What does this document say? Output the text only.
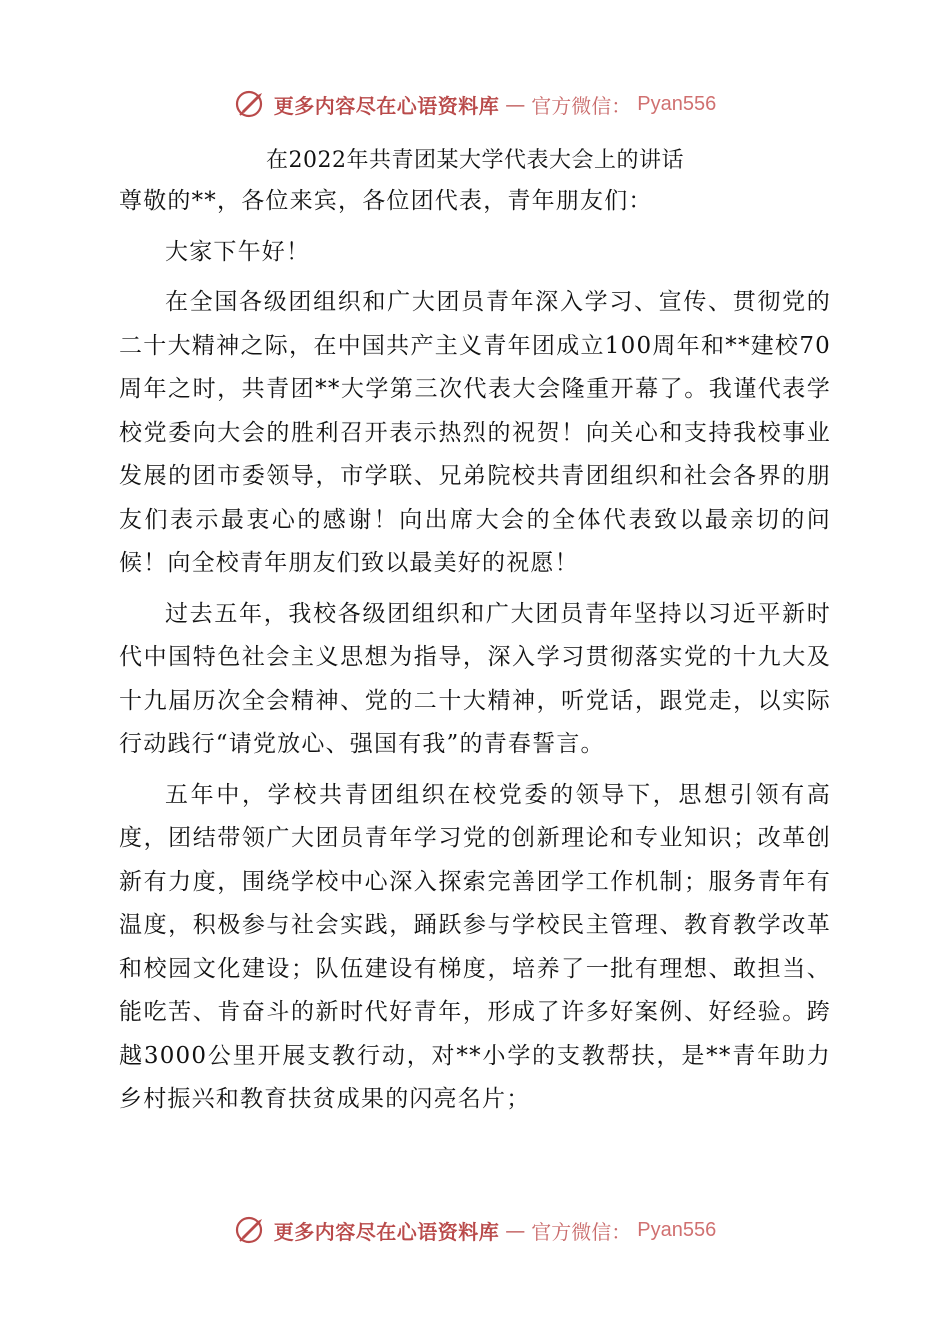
更多内容尽在心语资料库 — 官方微信： Pyan556
在2022年共青团某大学代表大会上的讲话

尊敬的**，各位来宾，各位团代表，青年朋友们：

大家下午好！

在全国各级团组织和广大团员青年深入学习、宣传、贯彻党的二十大精神之际，在中国共产主义青年团成立100周年和**建校70周年之时，共青团**大学第三次代表大会隆重开幕了。我谨代表学校党委向大会的胜利召开表示热烈的祝贺！向关心和支持我校事业发展的团市委领导，市学联、兄弟院校共青团组织和社会各界的朋友们表示最衷心的感谢！向出席大会的全体代表致以最亲切的问候！向全校青年朋友们致以最美好的祝愿！

过去五年，我校各级团组织和广大团员青年坚持以习近平新时代中国特色社会主义思想为指导，深入学习贯彻落实党的十九大及十九届历次全会精神、党的二十大精神，听党话，跟党走，以实际行动践行“请党放心、强国有我”的青春誓言。

五年中，学校共青团组织在校党委的领导下，思想引领有高度，团结带领广大团员青年学习党的创新理论和专业知识；改革创新有力度，围绕学校中心深入探索完善团学工作机制；服务青年有温度，积极参与社会实践，踊跃参与学校民主管理、教育教学改革和校园文化建设；队伍建设有梯度，培养了一批有理想、敢担当、能吃苦、肯奋斗的新时代好青年，形成了许多好案例、好经验。跨越3000公里开展支教行动，对**小学的支教帮扶，是**青年助力乡村振兴和教育扶贫成果的闪亮名片；

更多内容尽在心语资料库 — 官方微信： Pyan556
